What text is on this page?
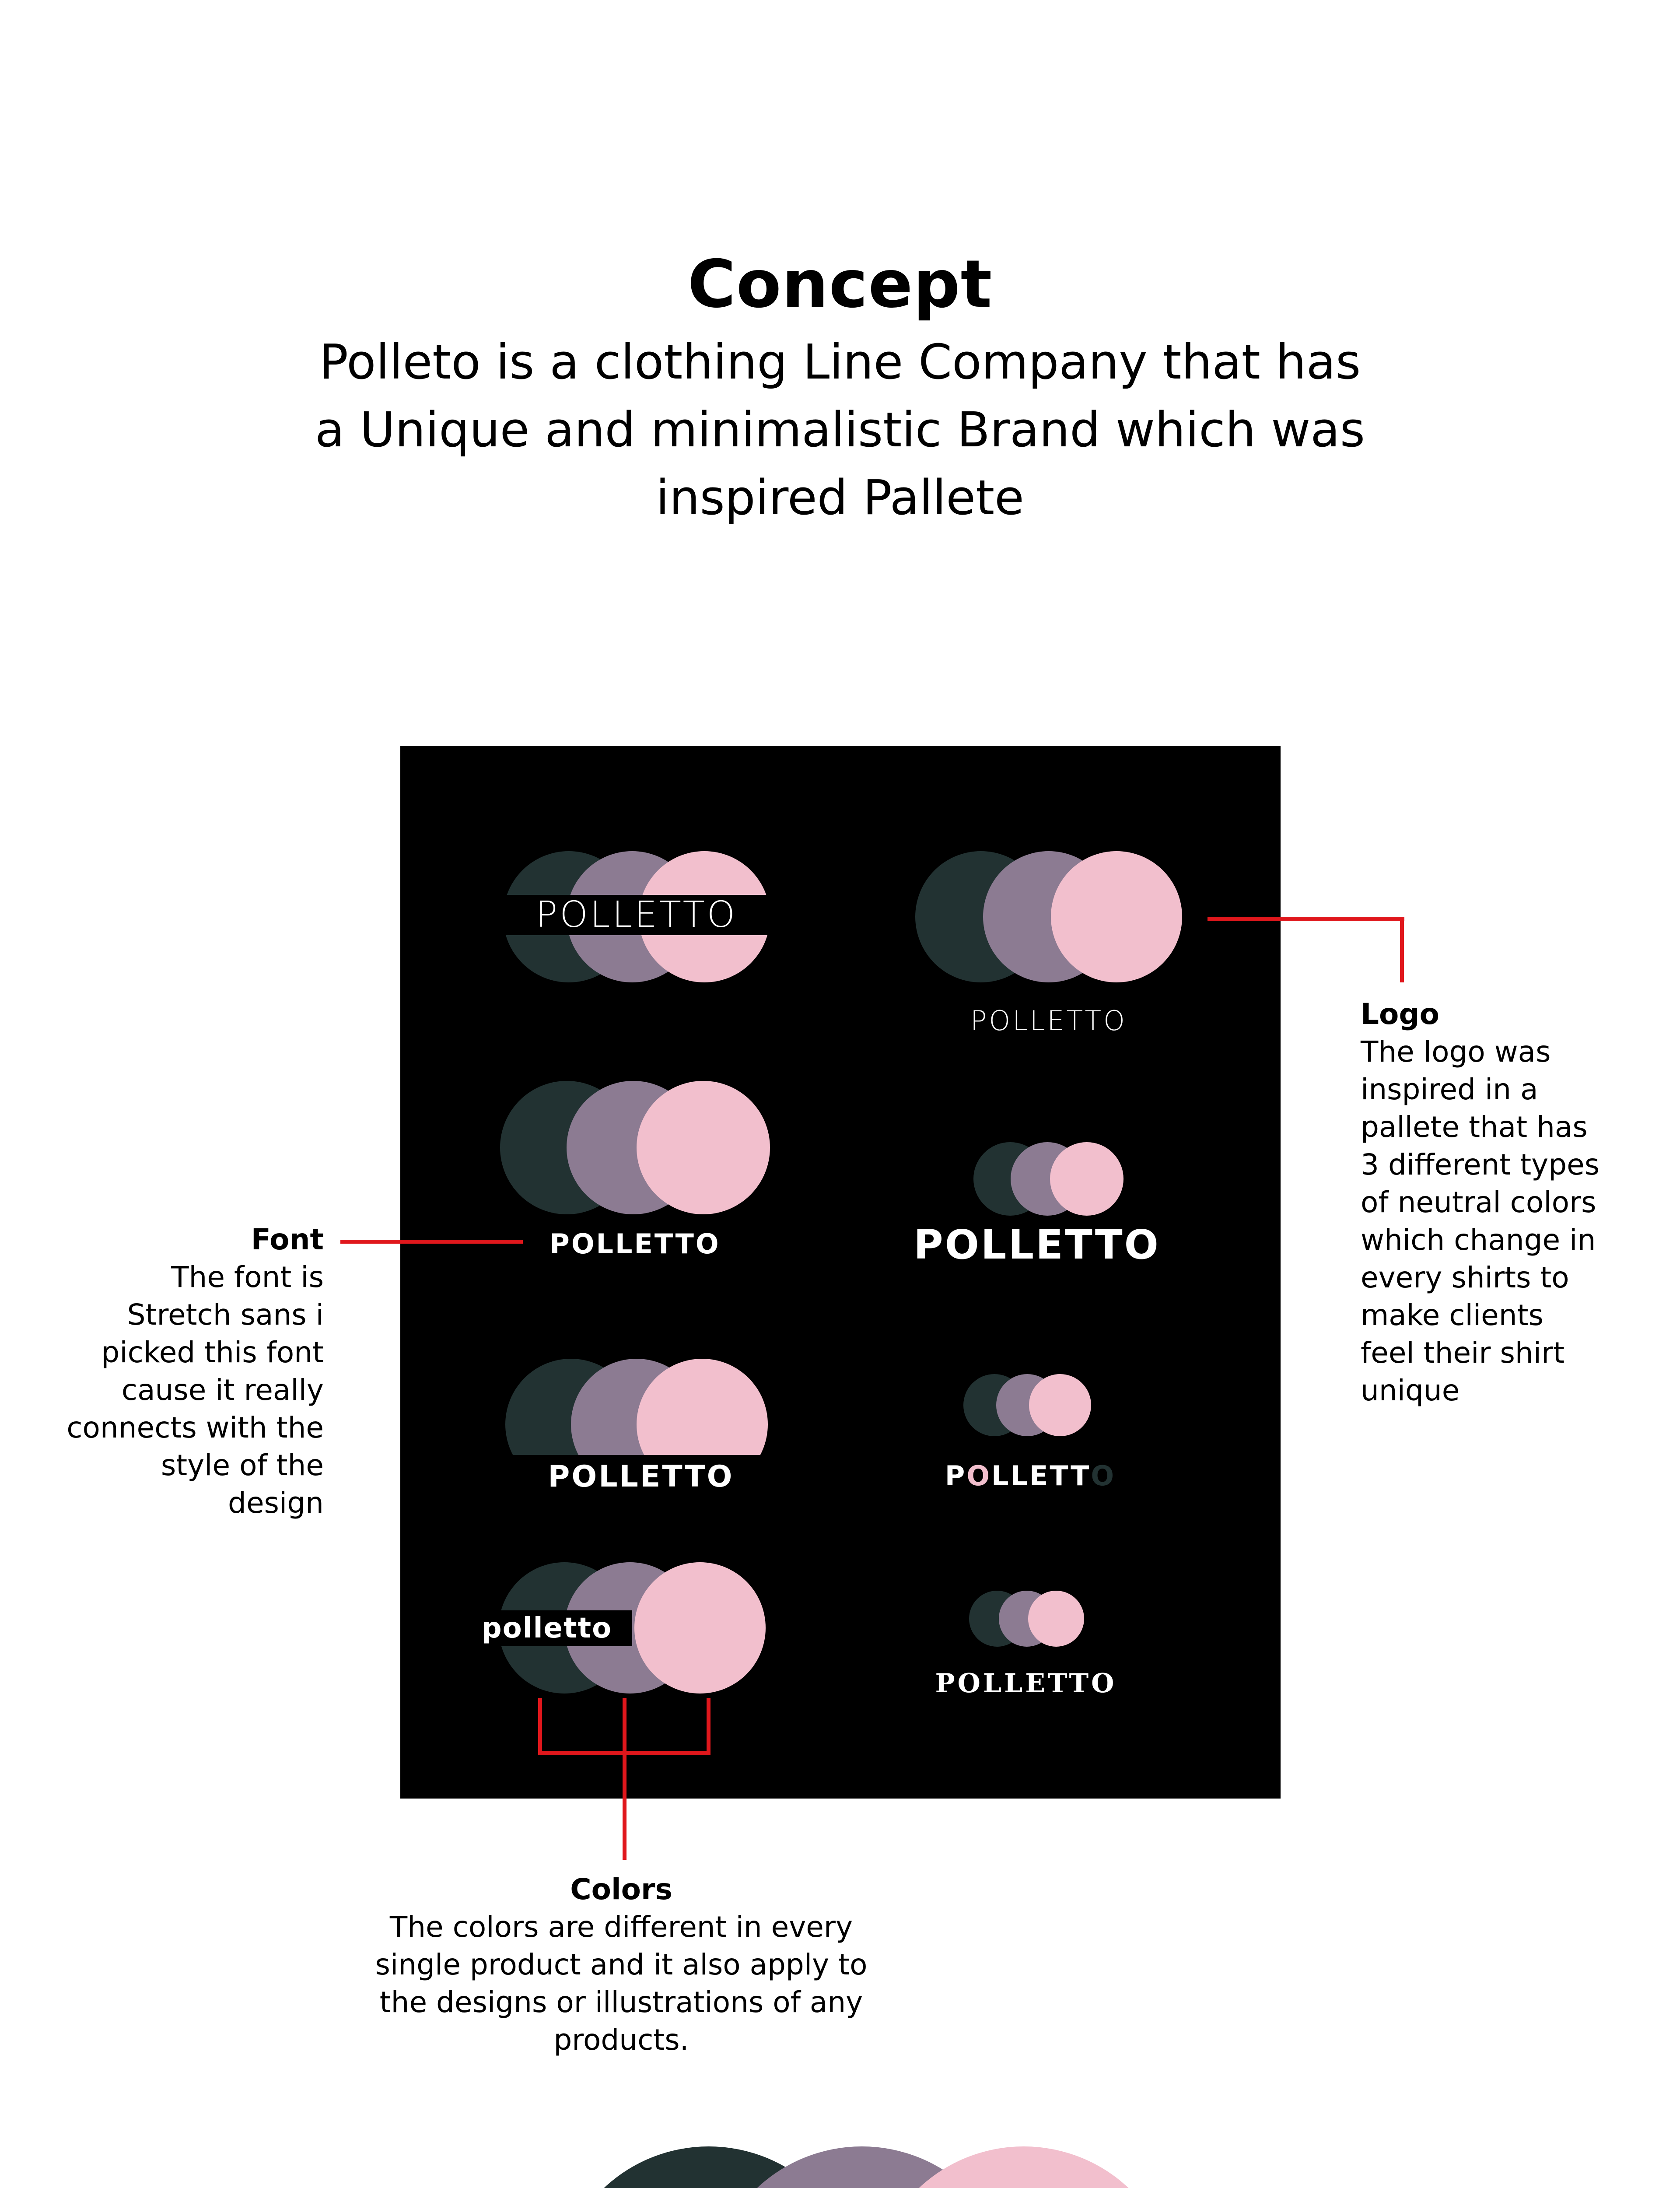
Concept
Polleto is a clothing Line Company that has a Unique and minimalistic Brand which was inspired Pallete
POLLETTO
POLLETTO
POLLETTO	POLLETTO
POLLETTO	POLLETTO
polletto
POLLETTO
Font
The font is Stretch sans i picked this font cause it really connects with the style of the design
Logo
The logo was inspired in a pallete that has 3 different types of neutral colors which change in every shirts to make clients feel their shirt unique
Colors
The colors are different in every single product and it also apply to the designs or illustrations of any products.
